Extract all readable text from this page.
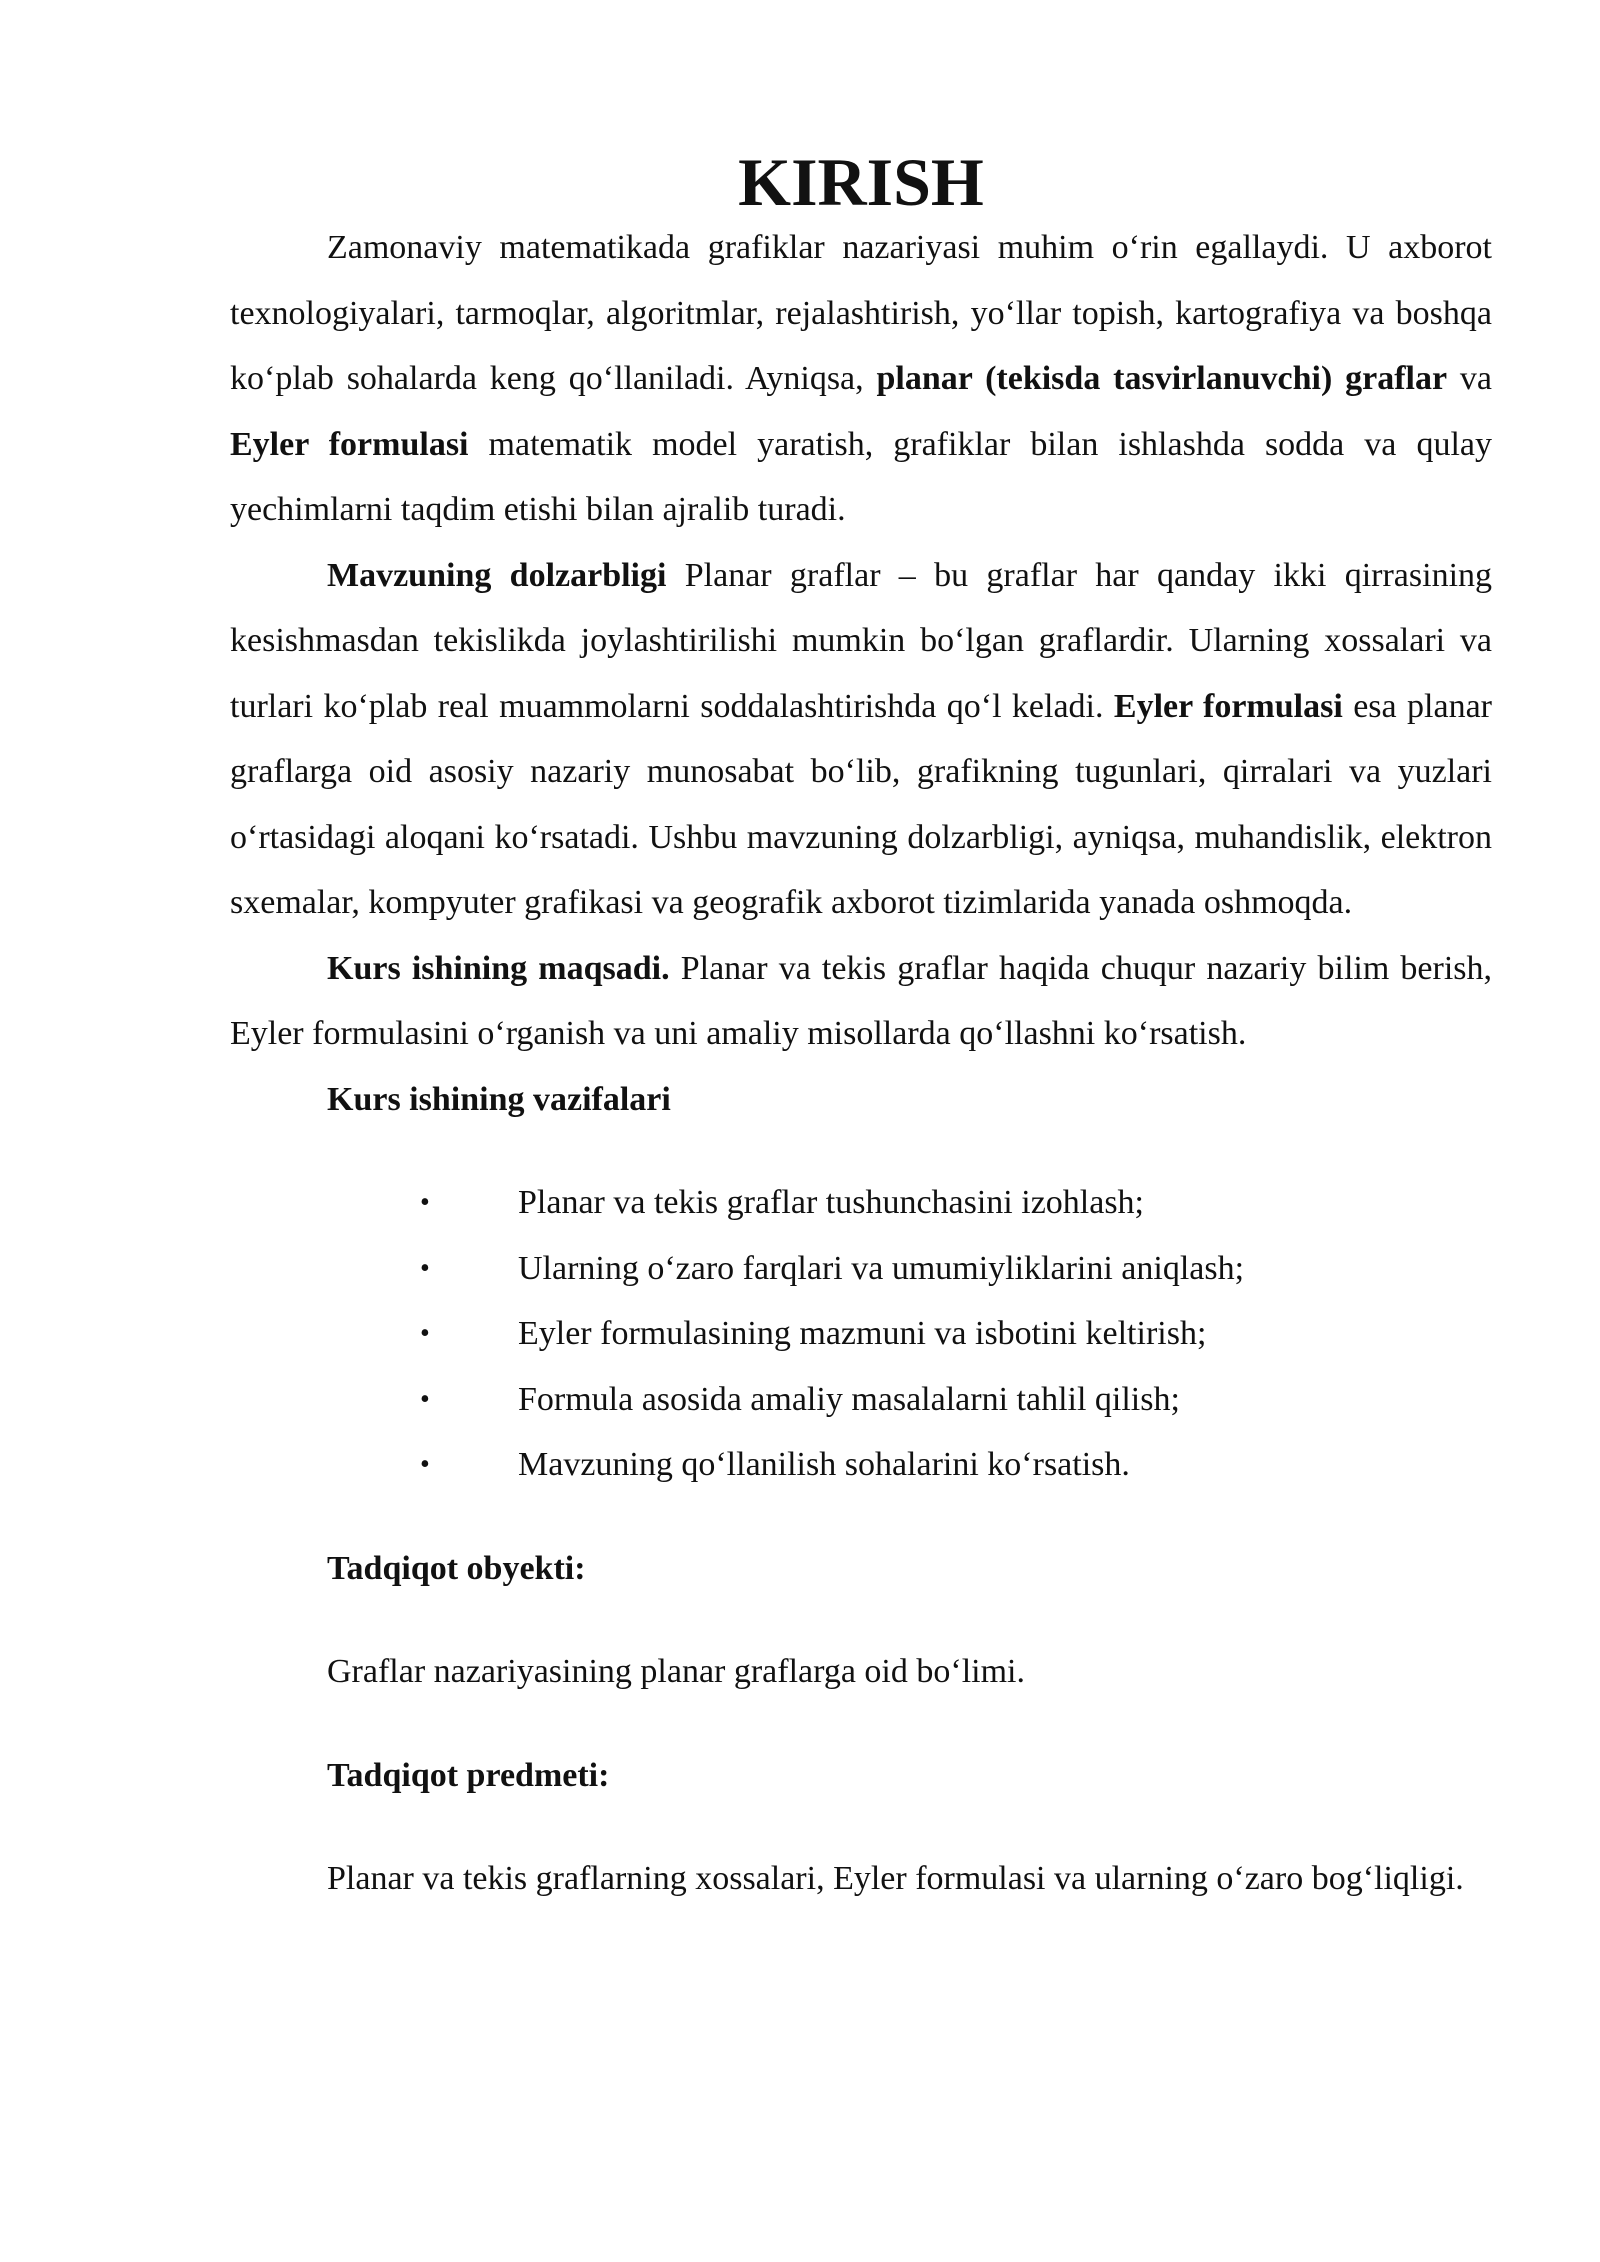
KIRISH

Zamonaviy matematikada grafiklar nazariyasi muhim o‘rin egallaydi. U axborot texnologiyalari, tarmoqlar, algoritmlar, rejalashtirish, yo‘llar topish, kartografiya va boshqa ko‘plab sohalarda keng qo‘llaniladi. Ayniqsa, planar (tekisda tasvirlanuvchi) graflar va Eyler formulasi matematik model yaratish, grafiklar bilan ishlashda sodda va qulay yechimlarni taqdim etishi bilan ajralib turadi.

Mavzuning dolzarbligi Planar graflar – bu graflar har qanday ikki qirrasining kesishmasdan tekislikda joylashtirilishi mumkin bo‘lgan graflardir. Ularning xossalari va turlari ko‘plab real muammolarni soddalashtirishda qo‘l keladi. Eyler formulasi esa planar graflarga oid asosiy nazariy munosabat bo‘lib, grafikning tugunlari, qirralari va yuzlari o‘rtasidagi aloqani ko‘rsatadi. Ushbu mavzuning dolzarbligi, ayniqsa, muhandislik, elektron sxemalar, kompyuter grafikasi va geografik axborot tizimlarida yanada oshmoqda.

Kurs ishining maqsadi. Planar va tekis graflar haqida chuqur nazariy bilim berish, Eyler formulasini o‘rganish va uni amaliy misollarda qo‘llashni ko‘rsatish.

Kurs ishining vazifalari

•	Planar va tekis graflar tushunchasini izohlash;
•	Ularning o‘zaro farqlari va umumiyliklarini aniqlash;
•	Eyler formulasining mazmuni va isbotini keltirish;
•	Formula asosida amaliy masalalarni tahlil qilish;
•	Mavzuning qo‘llanilish sohalarini ko‘rsatish.

Tadqiqot obyekti:

Graflar nazariyasining planar graflarga oid bo‘limi.

Tadqiqot predmeti:

Planar va tekis graflarning xossalari, Eyler formulasi va ularning o‘zaro bog‘liqligi.
